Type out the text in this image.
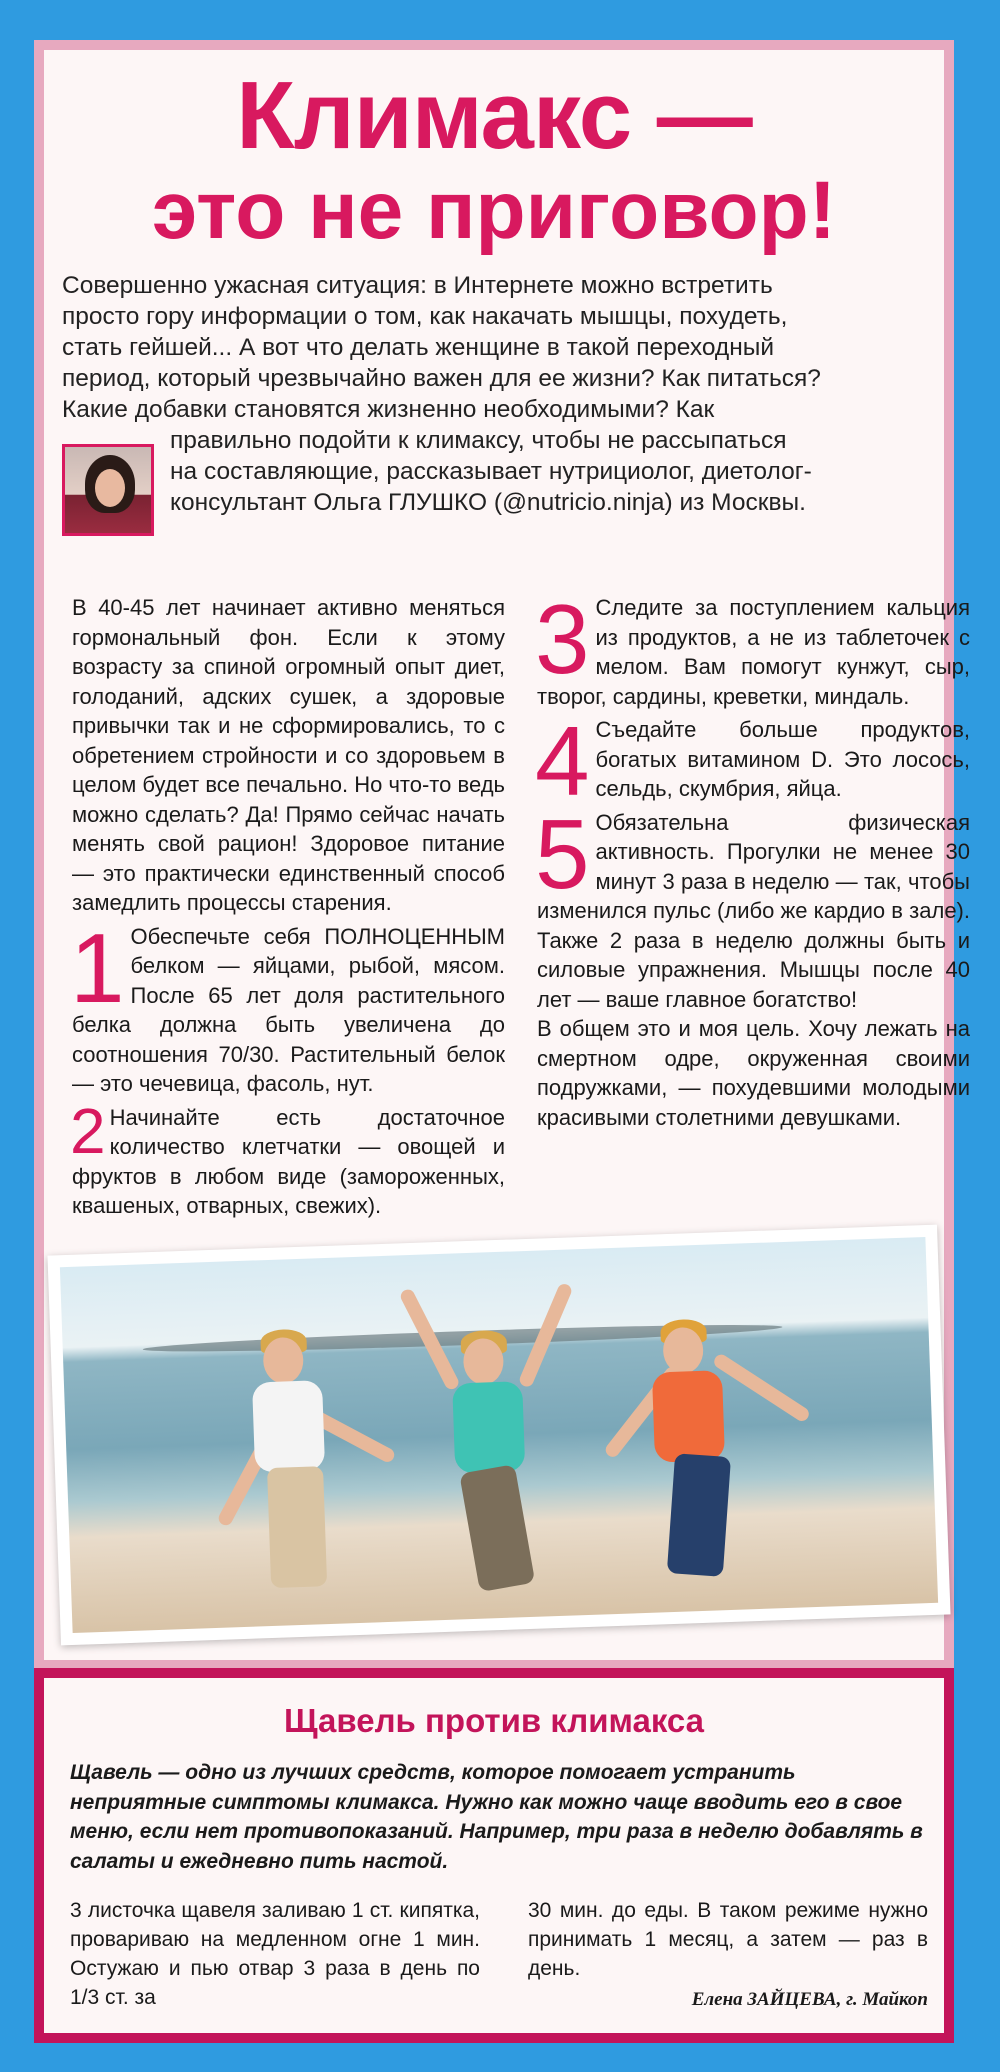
Климакс —
это не приговор!
Совершенно ужасная ситуация: в Интернете можно встретить
просто гору информации о том, как накачать мышцы, похудеть,
стать гейшей... А вот что делать женщине в такой переходный
период, который чрезвычайно важен для ее жизни? Как питаться?
Какие добавки становятся жизненно необходимыми? Как
правильно подойти к климаксу, чтобы не рассыпаться
на составляющие, рассказывает нутрициолог, диетолог-
консультант Ольга ГЛУШКО (@nutricio.ninja) из Москвы.

В 40-45 лет начинает активно меняться гормональный фон. Если к этому возрасту за спиной огромный опыт диет, голоданий, адских сушек, а здоровые привычки так и не сформировались, то с обретением стройности и со здоровьем в целом будет все печально. Но что-то ведь можно сделать? Да! Прямо сейчас начать менять свой рацион! Здоровое питание — это практически единственный способ замедлить процессы старения.

1 Обеспечьте себя ПОЛНОЦЕННЫМ белком — яйцами, рыбой, мясом. После 65 лет доля растительного белка должна быть увеличена до соотношения 70/30. Растительный белок — это чечевица, фасоль, нут.

2 Начинайте есть достаточное количество клетчатки — овощей и фруктов в любом виде (замороженных, квашеных, отварных, свежих).

3 Следите за поступлением кальция из продуктов, а не из таблеточек с мелом. Вам помогут кунжут, сыр, творог, сардины, креветки, миндаль.

4 Съедайте больше продуктов, богатых витамином D. Это лосось, сельдь, скумбрия, яйца.

5 Обязательна физическая активность. Прогулки не менее 30 минут 3 раза в неделю — так, чтобы изменился пульс (либо же кардио в зале). Также 2 раза в неделю должны быть и силовые упражнения. Мышцы после 40 лет — ваше главное богатство!

В общем это и моя цель. Хочу лежать на смертном одре, окруженная своими подружками, — похудевшими молодыми красивыми столетними девушками.

Щавель против климакса
Щавель — одно из лучших средств, которое помогает устранить неприятные симптомы климакса. Нужно как можно чаще вводить его в свое меню, если нет противопоказаний. Например, три раза в неделю добавлять в салаты и ежедневно пить настой.
3 листочка щавеля заливаю 1 ст. кипятка, провариваю на медленном огне 1 мин. Остужаю и пью отвар 3 раза в день по 1/3 ст. за
30 мин. до еды. В таком режиме нужно принимать 1 месяц, а затем — раз в день.
Елена ЗАЙЦЕВА, г. Майкоп
